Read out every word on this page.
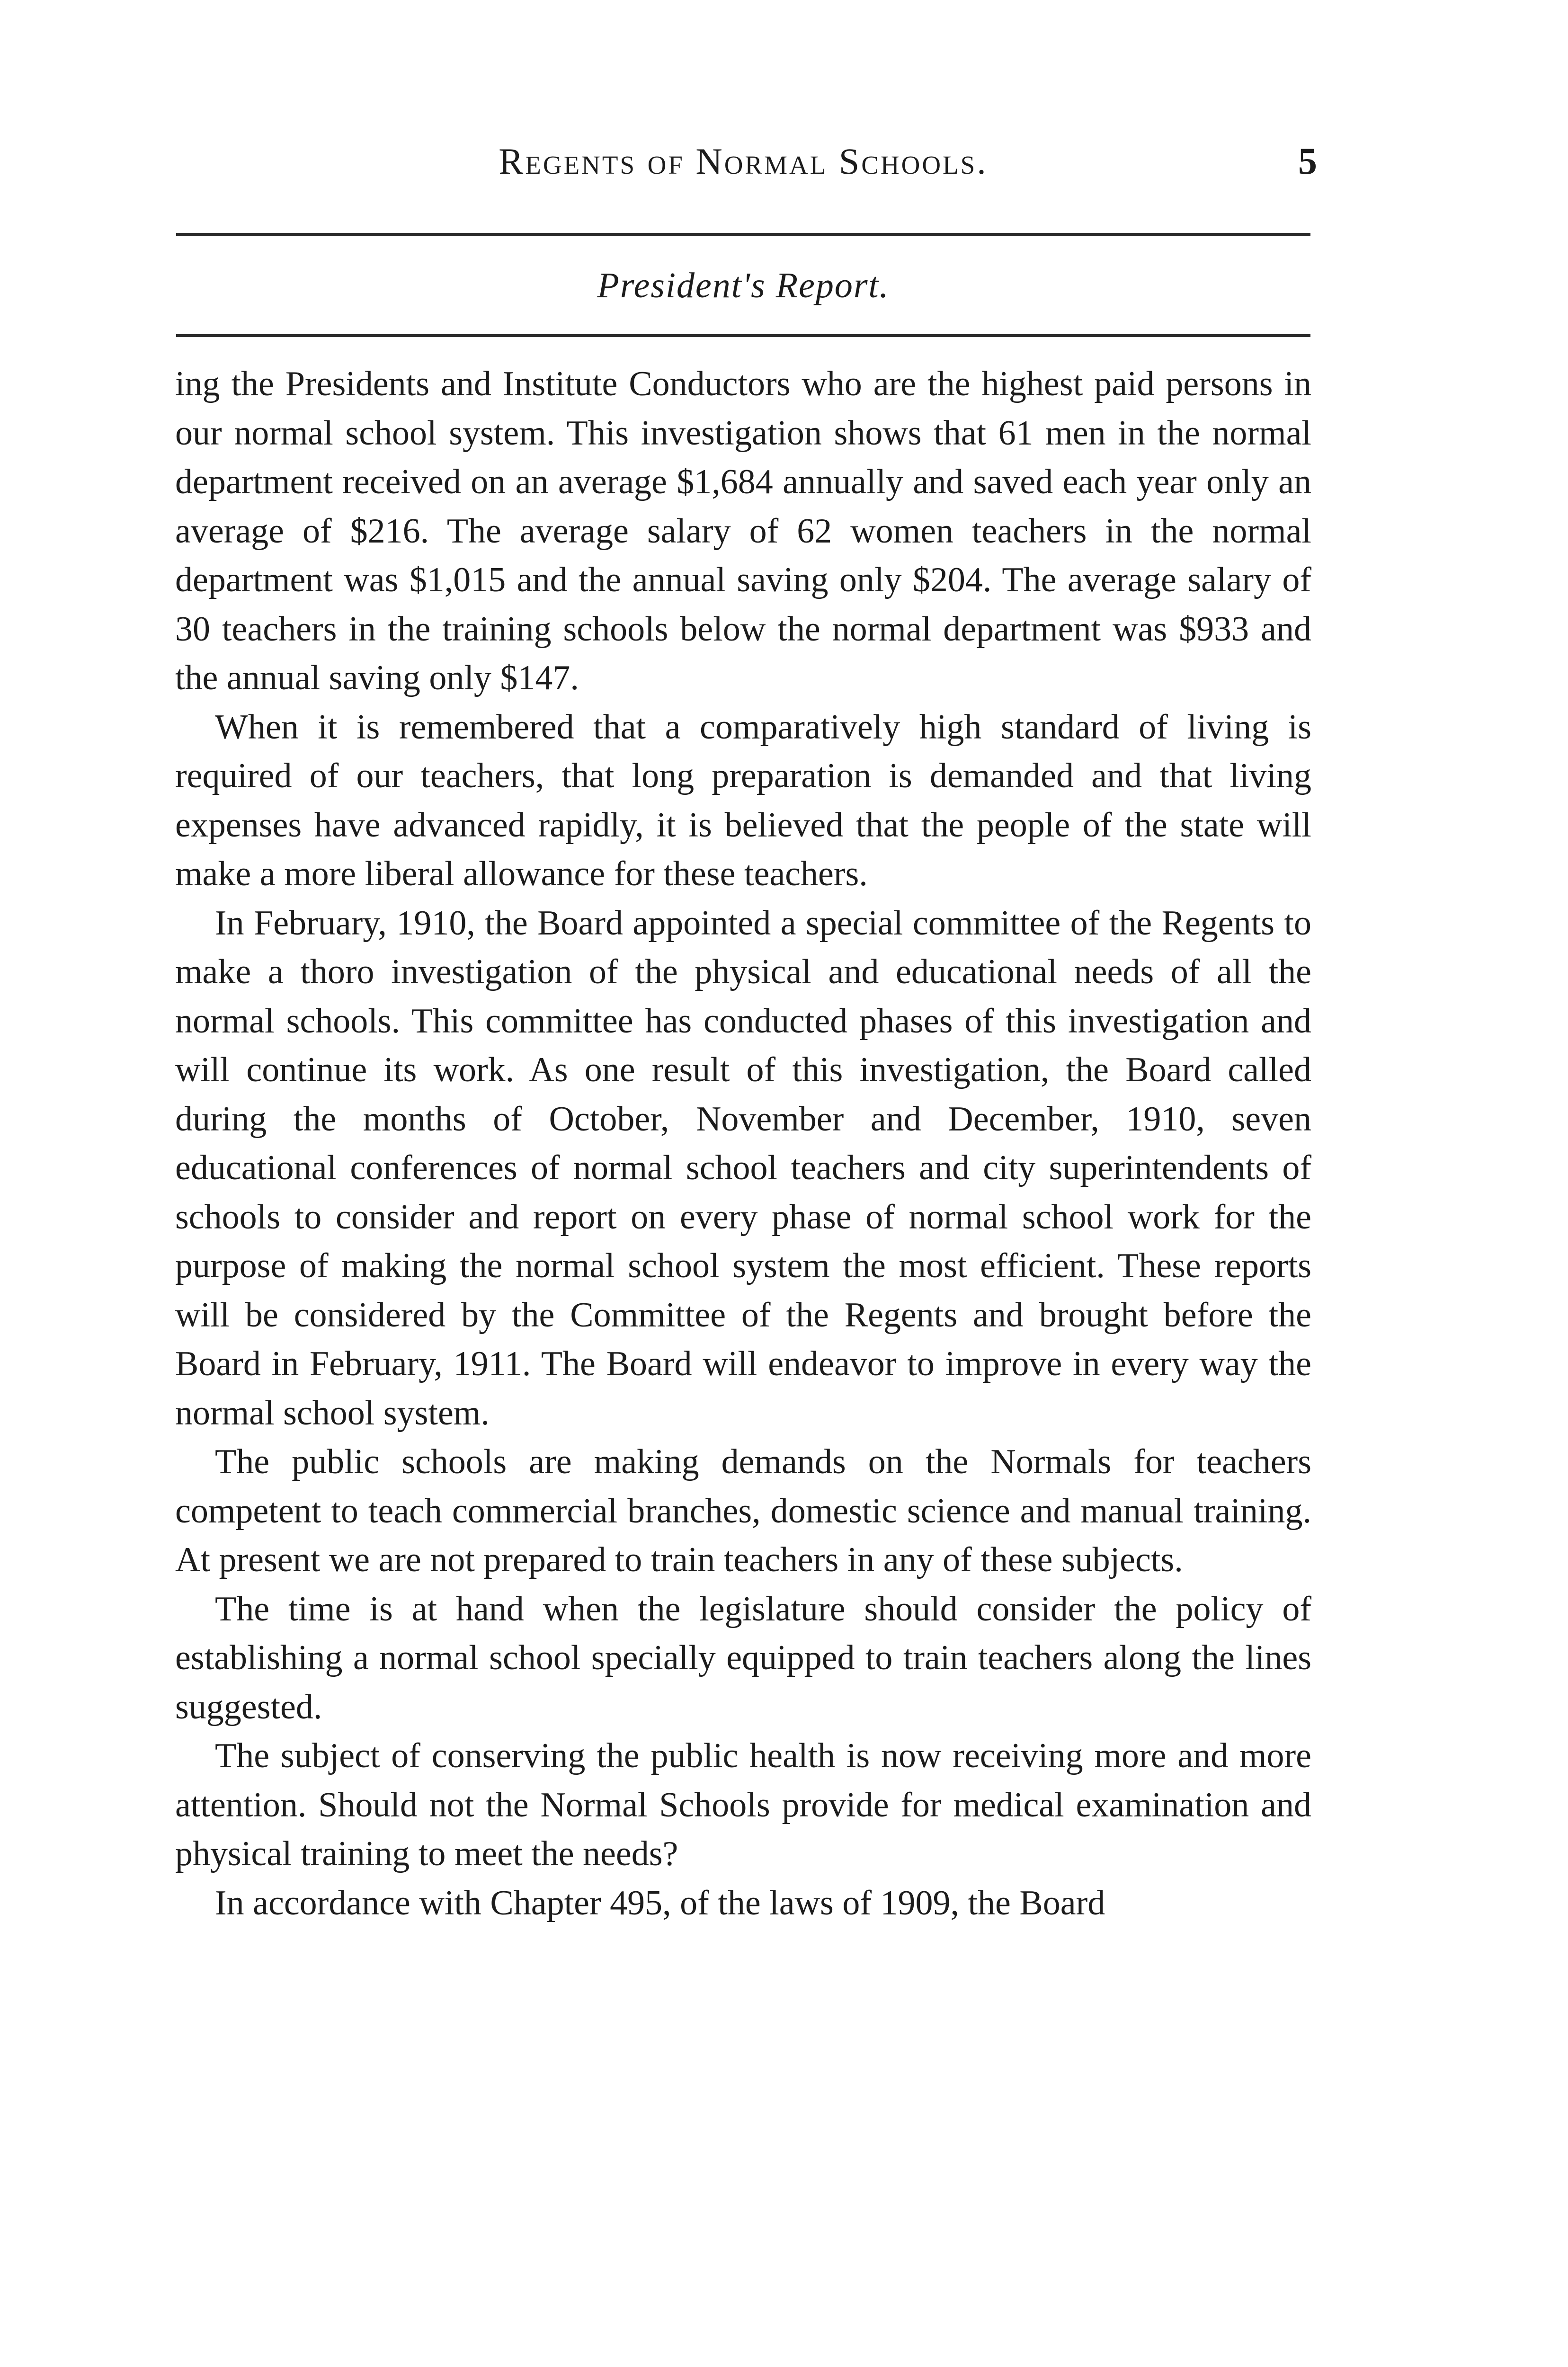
Regents of Normal Schools.	5
President's Report.

ing the Presidents and Institute Conductors who are the highest paid persons in our normal school system. This investigation shows that 61 men in the normal department received on an average $1,684 annually and saved each year only an average of $216. The average salary of 62 women teachers in the normal department was $1,015 and the annual saving only $204. The average salary of 30 teachers in the training schools below the normal department was $933 and the annual saving only $147.

When it is remembered that a comparatively high standard of living is required of our teachers, that long preparation is demanded and that living expenses have advanced rapidly, it is believed that the people of the state will make a more liberal allowance for these teachers.

In February, 1910, the Board appointed a special committee of the Regents to make a thoro investigation of the physical and educational needs of all the normal schools. This committee has conducted phases of this investigation and will continue its work. As one result of this investigation, the Board called during the months of October, November and December, 1910, seven educational conferences of normal school teachers and city superintendents of schools to consider and report on every phase of normal school work for the purpose of making the normal school system the most efficient. These reports will be considered by the Committee of the Regents and brought before the Board in February, 1911. The Board will endeavor to improve in every way the normal school system.

The public schools are making demands on the Normals for teachers competent to teach commercial branches, domestic science and manual training. At present we are not prepared to train teachers in any of these subjects.

The time is at hand when the legislature should consider the policy of establishing a normal school specially equipped to train teachers along the lines suggested.

The subject of conserving the public health is now receiving more and more attention. Should not the Normal Schools provide for medical examination and physical training to meet the needs?

In accordance with Chapter 495, of the laws of 1909, the Board
